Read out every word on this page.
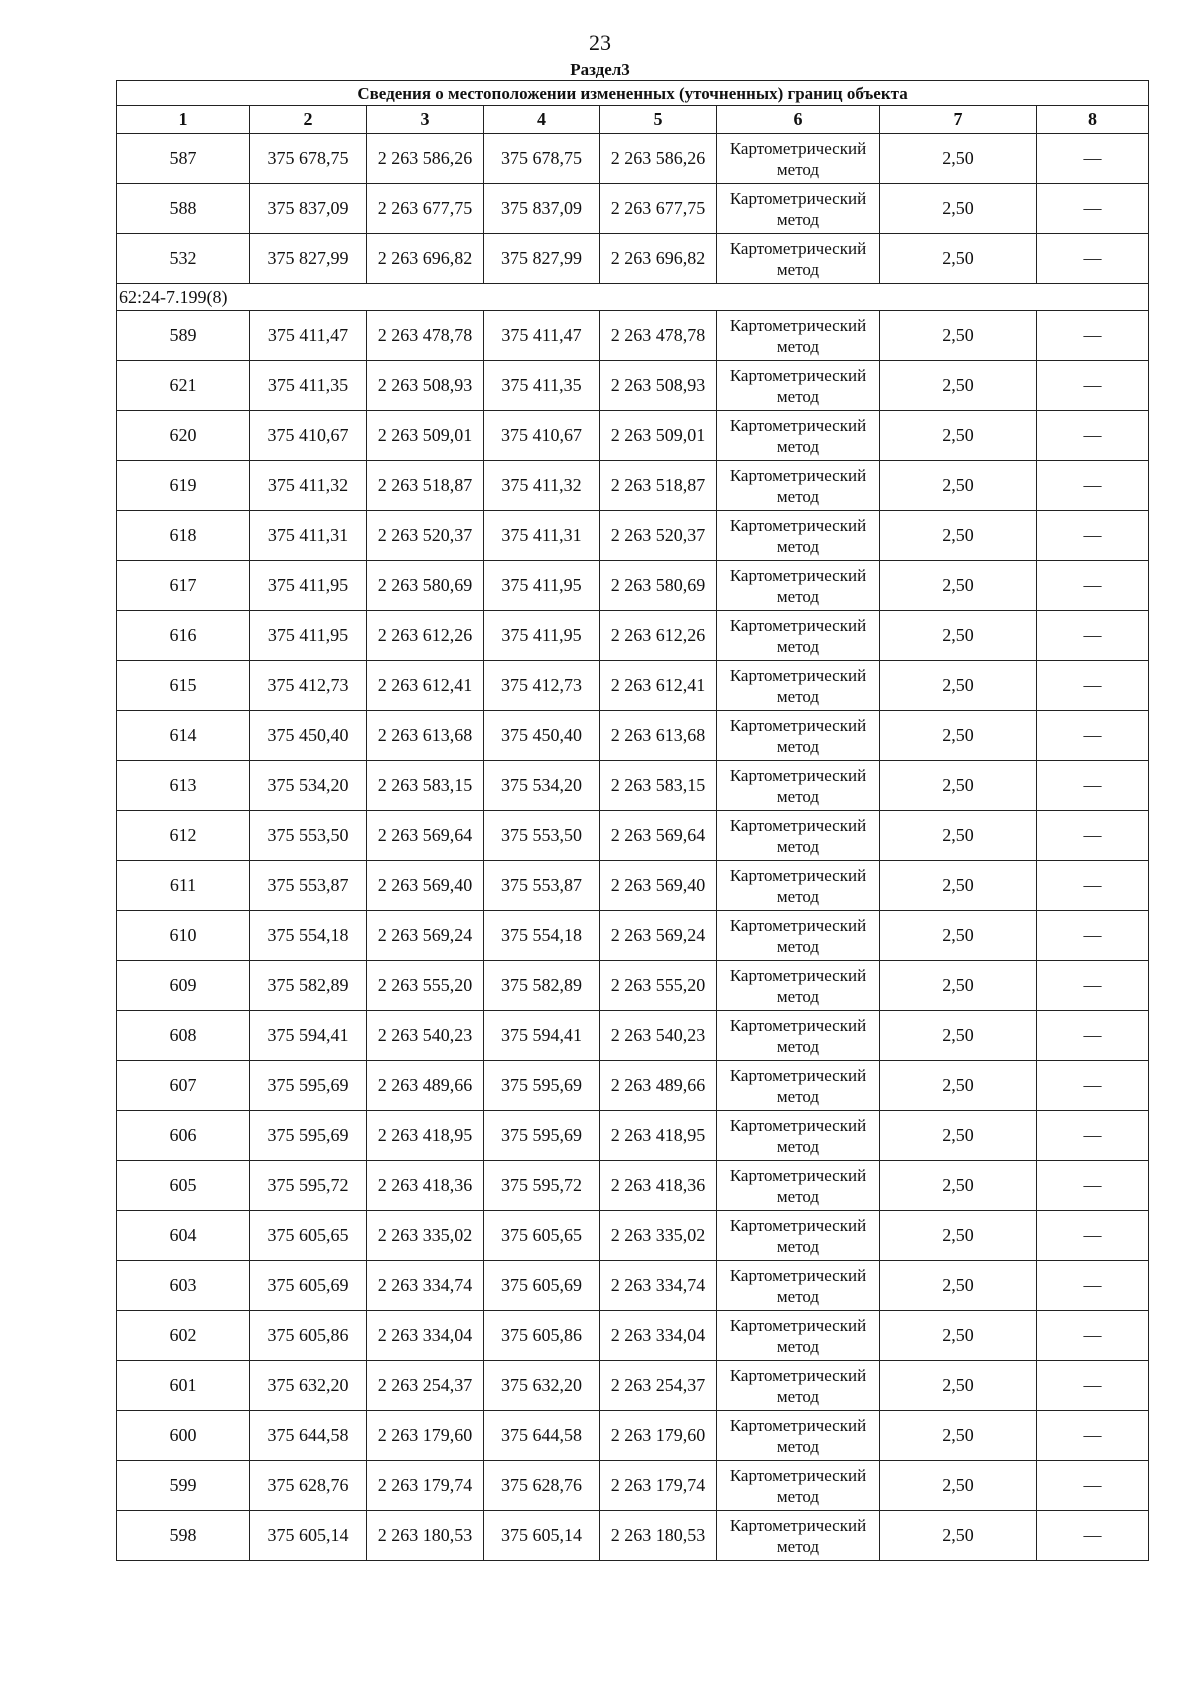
23
Раздел3
Сведения о местоположении измененных (уточненных) границ объекта							
1	2	3	4	5	6	7	8
587	375 678,75	2 263 586,26	375 678,75	2 263 586,26	Картометрический метод	2,50	—
588	375 837,09	2 263 677,75	375 837,09	2 263 677,75	Картометрический метод	2,50	—
532	375 827,99	2 263 696,82	375 827,99	2 263 696,82	Картометрический метод	2,50	—
62:24-7.199(8)							
589	375 411,47	2 263 478,78	375 411,47	2 263 478,78	Картометрический метод	2,50	—
621	375 411,35	2 263 508,93	375 411,35	2 263 508,93	Картометрический метод	2,50	—
620	375 410,67	2 263 509,01	375 410,67	2 263 509,01	Картометрический метод	2,50	—
619	375 411,32	2 263 518,87	375 411,32	2 263 518,87	Картометрический метод	2,50	—
618	375 411,31	2 263 520,37	375 411,31	2 263 520,37	Картометрический метод	2,50	—
617	375 411,95	2 263 580,69	375 411,95	2 263 580,69	Картометрический метод	2,50	—
616	375 411,95	2 263 612,26	375 411,95	2 263 612,26	Картометрический метод	2,50	—
615	375 412,73	2 263 612,41	375 412,73	2 263 612,41	Картометрический метод	2,50	—
614	375 450,40	2 263 613,68	375 450,40	2 263 613,68	Картометрический метод	2,50	—
613	375 534,20	2 263 583,15	375 534,20	2 263 583,15	Картометрический метод	2,50	—
612	375 553,50	2 263 569,64	375 553,50	2 263 569,64	Картометрический метод	2,50	—
611	375 553,87	2 263 569,40	375 553,87	2 263 569,40	Картометрический метод	2,50	—
610	375 554,18	2 263 569,24	375 554,18	2 263 569,24	Картометрический метод	2,50	—
609	375 582,89	2 263 555,20	375 582,89	2 263 555,20	Картометрический метод	2,50	—
608	375 594,41	2 263 540,23	375 594,41	2 263 540,23	Картометрический метод	2,50	—
607	375 595,69	2 263 489,66	375 595,69	2 263 489,66	Картометрический метод	2,50	—
606	375 595,69	2 263 418,95	375 595,69	2 263 418,95	Картометрический метод	2,50	—
605	375 595,72	2 263 418,36	375 595,72	2 263 418,36	Картометрический метод	2,50	—
604	375 605,65	2 263 335,02	375 605,65	2 263 335,02	Картометрический метод	2,50	—
603	375 605,69	2 263 334,74	375 605,69	2 263 334,74	Картометрический метод	2,50	—
602	375 605,86	2 263 334,04	375 605,86	2 263 334,04	Картометрический метод	2,50	—
601	375 632,20	2 263 254,37	375 632,20	2 263 254,37	Картометрический метод	2,50	—
600	375 644,58	2 263 179,60	375 644,58	2 263 179,60	Картометрический метод	2,50	—
599	375 628,76	2 263 179,74	375 628,76	2 263 179,74	Картометрический метод	2,50	—
598	375 605,14	2 263 180,53	375 605,14	2 263 180,53	Картометрический метод	2,50	—
